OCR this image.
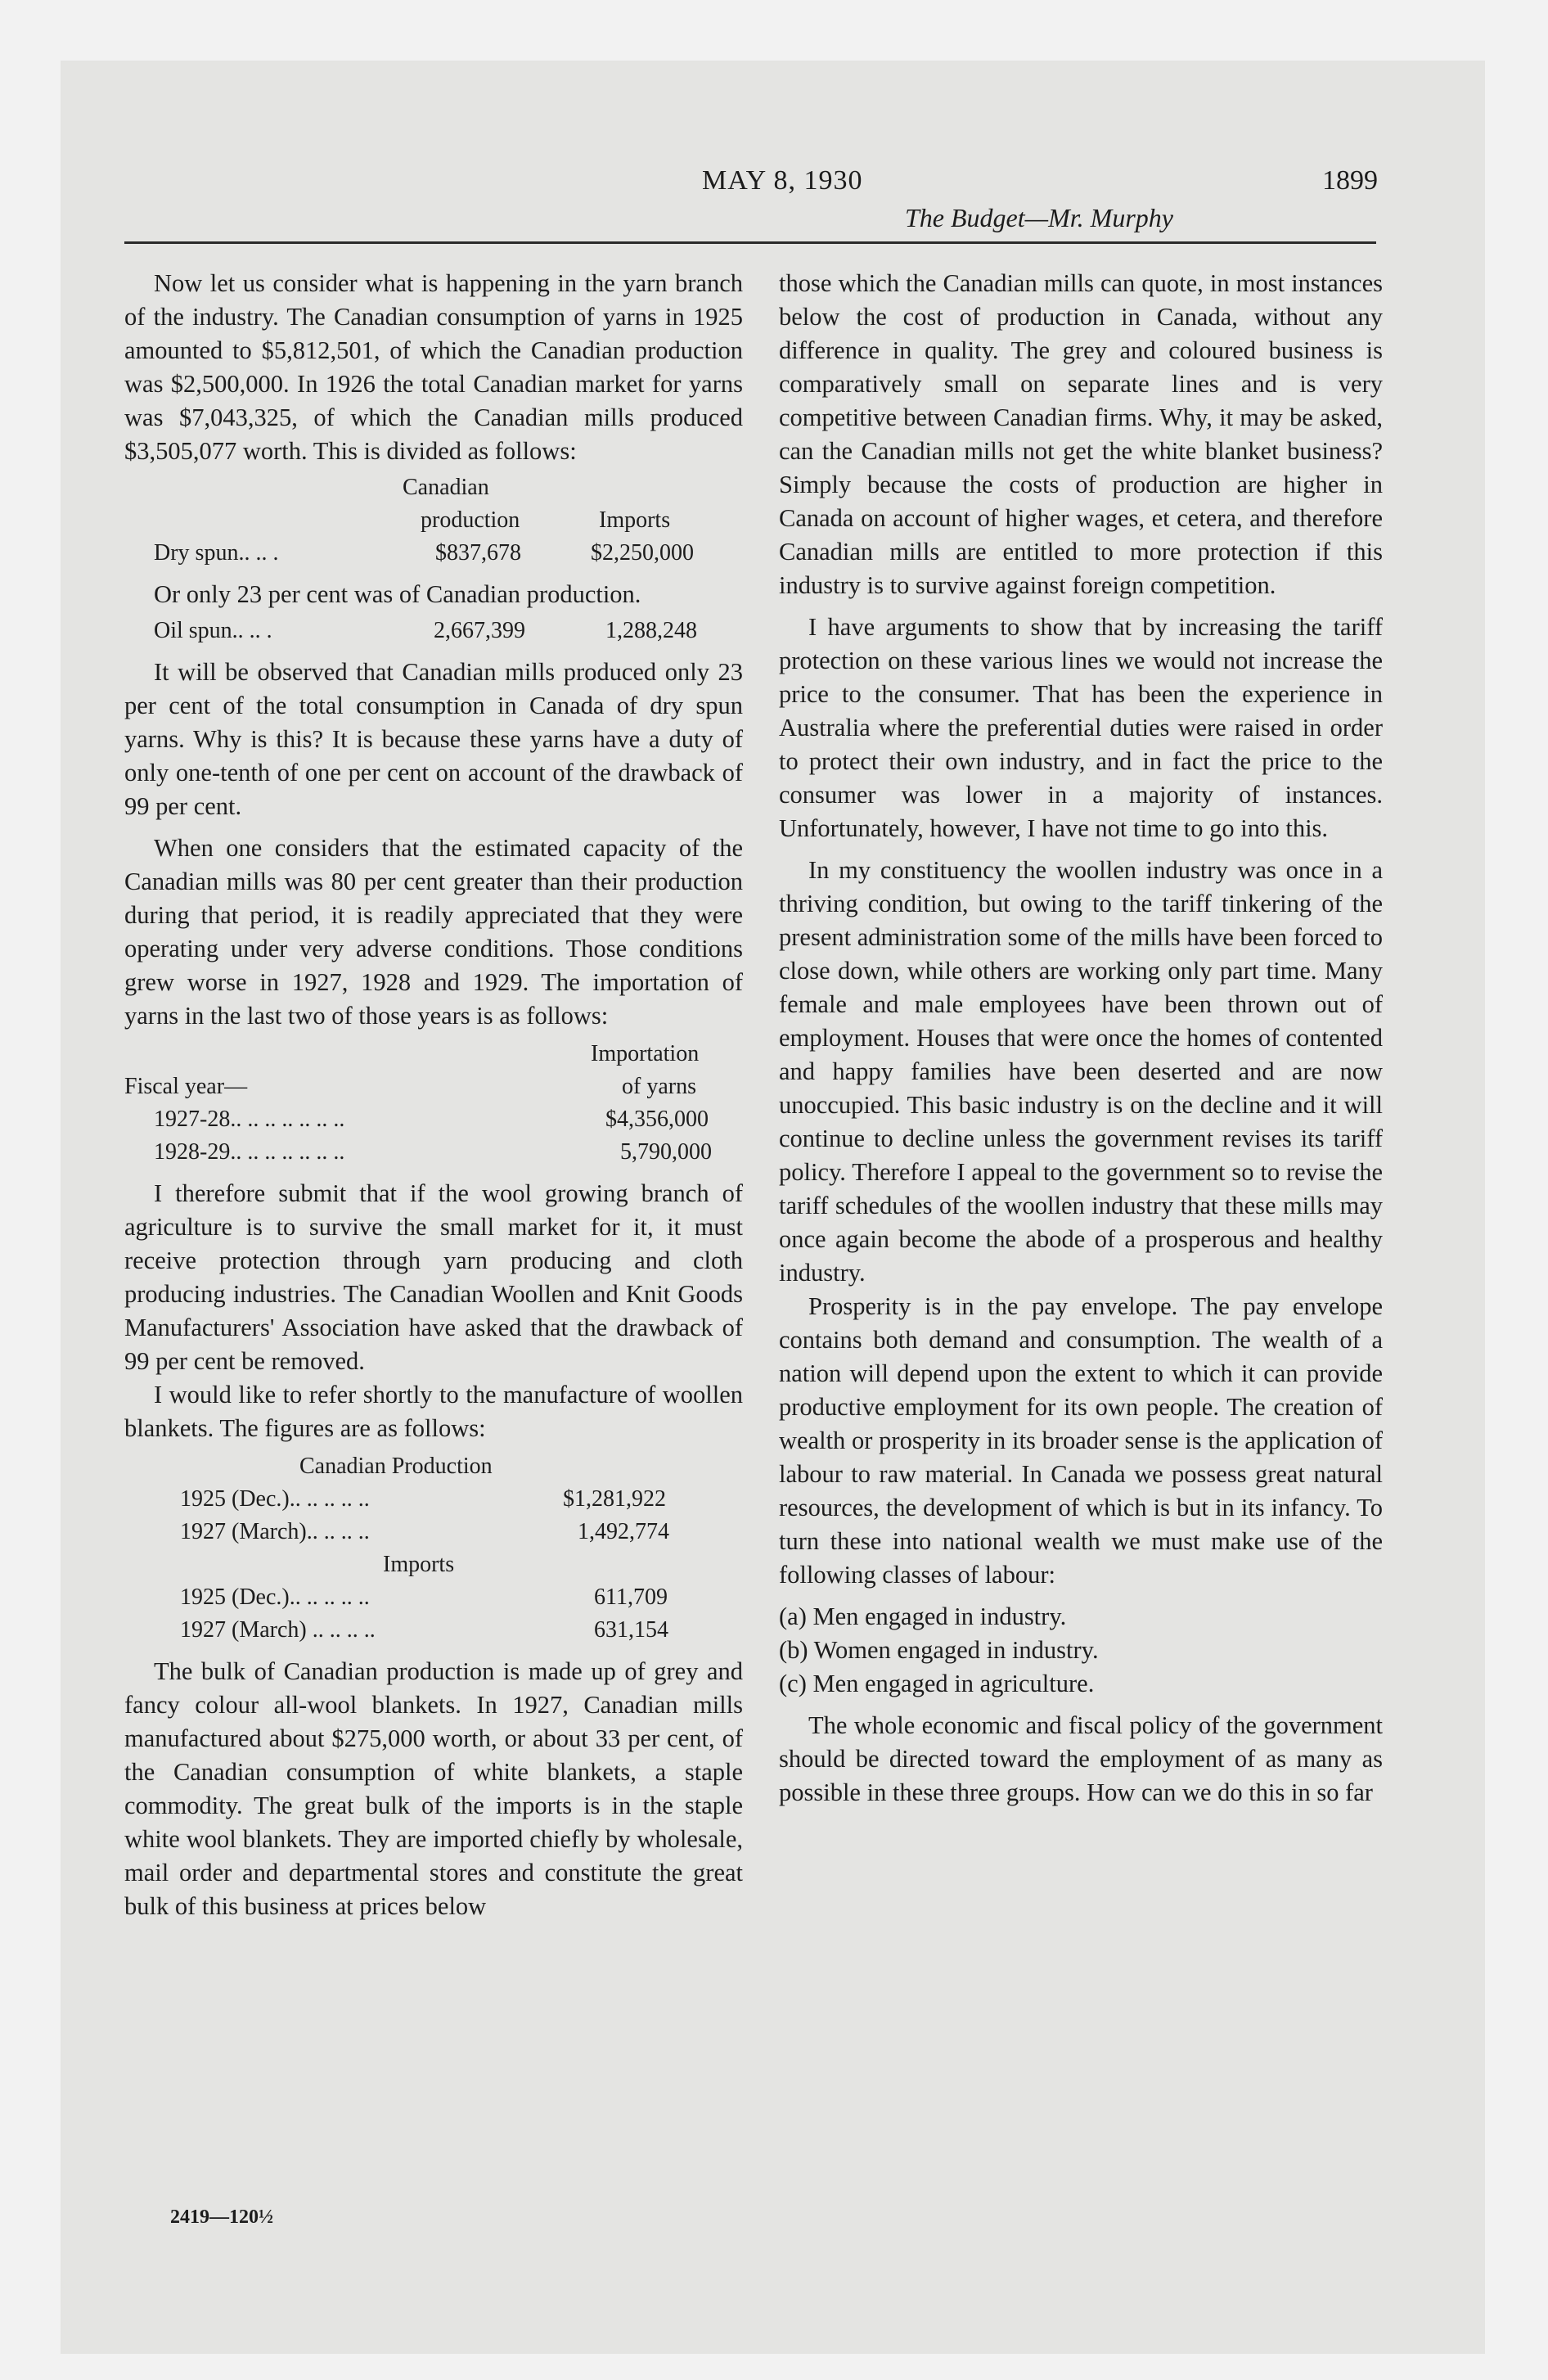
MAY 8, 1930	1899
The Budget—Mr. Murphy

Now let us consider what is happening in the yarn branch of the industry. The Canadian consumption of yarns in 1925 amounted to $5,812,501, of which the Canadian production was $2,500,000. In 1926 the total Canadian market for yarns was $7,043,325, of which the Canadian mills produced $3,505,077 worth. This is divided as follows:

Canadian
production	Imports
Dry spun.. .. .	$837,678	$2,250,000

Or only 23 per cent was of Canadian production.

Oil spun.. .. .	2,667,399	1,288,248

It will be observed that Canadian mills produced only 23 per cent of the total consumption in Canada of dry spun yarns. Why is this? It is because these yarns have a duty of only one-tenth of one per cent on account of the drawback of 99 per cent.

When one considers that the estimated capacity of the Canadian mills was 80 per cent greater than their production during that period, it is readily appreciated that they were operating under very adverse conditions. Those conditions grew worse in 1927, 1928 and 1929. The importation of yarns in the last two of those years is as follows:

Importation
Fiscal year—	of yarns
1927-28.. .. .. .. .. .. ..	$4,356,000
1928-29.. .. .. .. .. .. ..	5,790,000

I therefore submit that if the wool growing branch of agriculture is to survive the small market for it, it must receive protection through yarn producing and cloth producing industries. The Canadian Woollen and Knit Goods Manufacturers' Association have asked that the drawback of 99 per cent be removed.

I would like to refer shortly to the manufacture of woollen blankets. The figures are as follows:

Canadian Production
1925 (Dec.).. .. .. .. ..	$1,281,922
1927 (March).. .. .. ..	1,492,774
Imports
1925 (Dec.).. .. .. .. ..	611,709
1927 (March) .. .. .. ..	631,154

The bulk of Canadian production is made up of grey and fancy colour all-wool blankets. In 1927, Canadian mills manufactured about $275,000 worth, or about 33 per cent, of the Canadian consumption of white blankets, a staple commodity. The great bulk of the imports is in the staple white wool blankets. They are imported chiefly by wholesale, mail order and departmental stores and constitute the great bulk of this business at prices below

2419—120½

those which the Canadian mills can quote, in most instances below the cost of production in Canada, without any difference in quality. The grey and coloured business is comparatively small on separate lines and is very competitive between Canadian firms. Why, it may be asked, can the Canadian mills not get the white blanket business? Simply because the costs of production are higher in Canada on account of higher wages, et cetera, and therefore Canadian mills are entitled to more protection if this industry is to survive against foreign competition.

I have arguments to show that by increasing the tariff protection on these various lines we would not increase the price to the consumer. That has been the experience in Australia where the preferential duties were raised in order to protect their own industry, and in fact the price to the consumer was lower in a majority of instances. Unfortunately, however, I have not time to go into this.

In my constituency the woollen industry was once in a thriving condition, but owing to the tariff tinkering of the present administration some of the mills have been forced to close down, while others are working only part time. Many female and male employees have been thrown out of employment. Houses that were once the homes of contented and happy families have been deserted and are now unoccupied. This basic industry is on the decline and it will continue to decline unless the government revises its tariff policy. Therefore I appeal to the government so to revise the tariff schedules of the woollen industry that these mills may once again become the abode of a prosperous and healthy industry.

Prosperity is in the pay envelope. The pay envelope contains both demand and consumption. The wealth of a nation will depend upon the extent to which it can provide productive employment for its own people. The creation of wealth or prosperity in its broader sense is the application of labour to raw material. In Canada we possess great natural resources, the development of which is but in its infancy. To turn these into national wealth we must make use of the following classes of labour:

(a) Men engaged in industry.

(b) Women engaged in industry.

(c) Men engaged in agriculture.

The whole economic and fiscal policy of the government should be directed toward the employment of as many as possible in these three groups. How can we do this in so far
